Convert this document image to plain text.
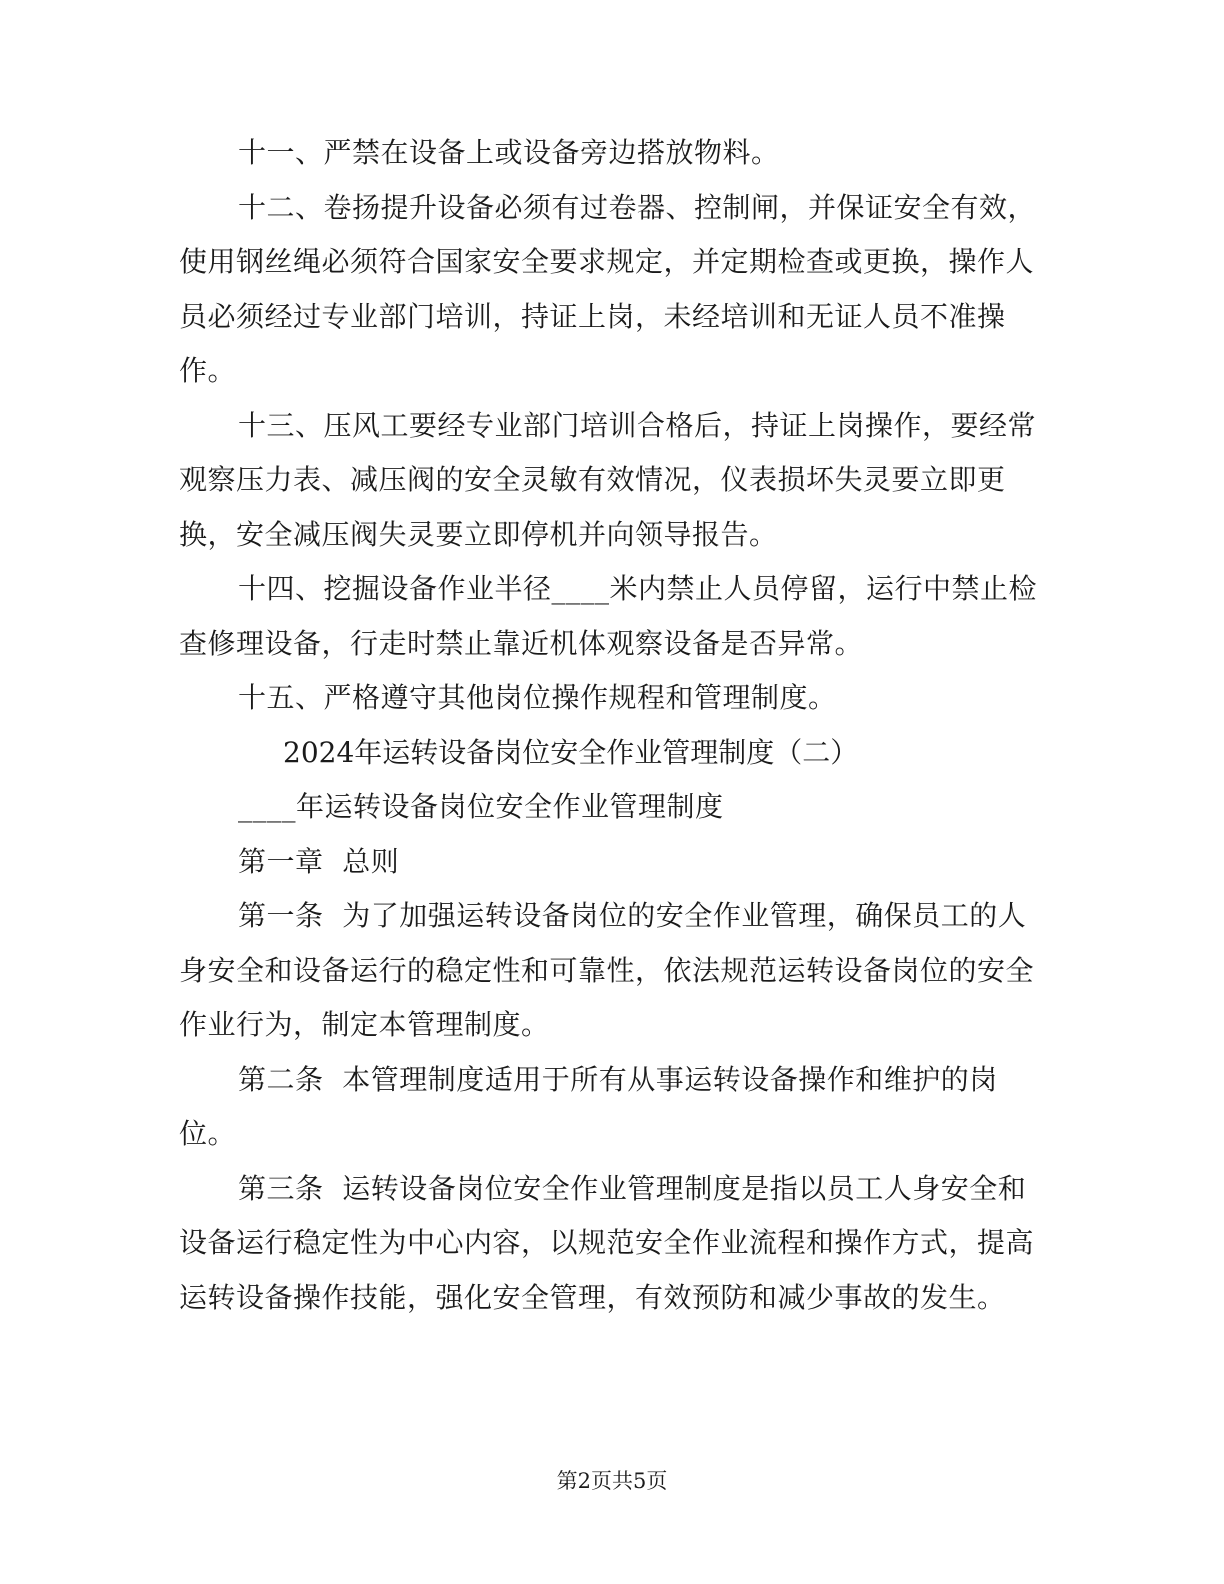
十一、严禁在设备上或设备旁边搭放物料。

十二、卷扬提升设备必须有过卷器、控制闸，并保证安全有效，使用钢丝绳必须符合国家安全要求规定，并定期检查或更换，操作人员必须经过专业部门培训，持证上岗，未经培训和无证人员不准操作。

十三、压风工要经专业部门培训合格后，持证上岗操作，要经常观察压力表、减压阀的安全灵敏有效情况，仪表损坏失灵要立即更换，安全减压阀失灵要立即停机并向领导报告。

十四、挖掘设备作业半径____米内禁止人员停留，运行中禁止检查修理设备，行走时禁止靠近机体观察设备是否异常。

十五、严格遵守其他岗位操作规程和管理制度。

2024年运转设备岗位安全作业管理制度（二）

____年运转设备岗位安全作业管理制度

第一章  总则

第一条  为了加强运转设备岗位的安全作业管理，确保员工的人身安全和设备运行的稳定性和可靠性，依法规范运转设备岗位的安全作业行为，制定本管理制度。

第二条  本管理制度适用于所有从事运转设备操作和维护的岗位。

第三条  运转设备岗位安全作业管理制度是指以员工人身安全和设备运行稳定性为中心内容，以规范安全作业流程和操作方式，提高运转设备操作技能，强化安全管理，有效预防和减少事故的发生。

第2页共5页
